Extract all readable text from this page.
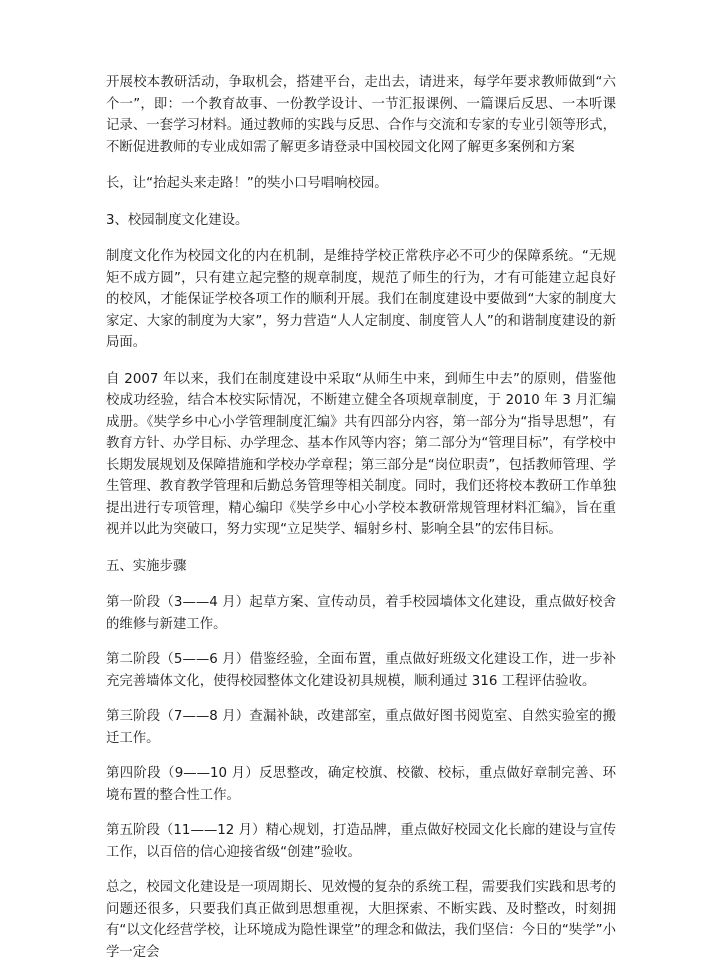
开展校本教研活动，争取机会，搭建平台，走出去，请进来，每学年要求教师做到“六个一”，即：一个教育故事、一份教学设计、一节汇报课例、一篇课后反思、一本听课记录、一套学习材料。通过教师的实践与反思、合作与交流和专家的专业引领等形式，不断促进教师的专业成如需了解更多请登录中国校园文化网了解更多案例和方案

长，让“抬起头来走路！”的奘小口号唱响校园。

3、校园制度文化建设。

制度文化作为校园文化的内在机制，是维持学校正常秩序必不可少的保障系统。“无规矩不成方圆”，只有建立起完整的规章制度，规范了师生的行为，才有可能建立起良好的校风，才能保证学校各项工作的顺利开展。我们在制度建设中要做到“大家的制度大家定、大家的制度为大家”，努力营造“人人定制度、制度管人人”的和谐制度建设的新局面。

自 2007 年以来，我们在制度建设中采取“从师生中来，到师生中去”的原则，借鉴他校成功经验，结合本校实际情况，不断建立健全各项规章制度，于 2010 年 3 月汇编成册。《奘学乡中心小学管理制度汇编》共有四部分内容，第一部分为“指导思想”，有教育方针、办学目标、办学理念、基本作风等内容；第二部分为“管理目标”，有学校中长期发展规划及保障措施和学校办学章程；第三部分是“岗位职责”，包括教师管理、学生管理、教育教学管理和后勤总务管理等相关制度。同时，我们还将校本教研工作单独提出进行专项管理，精心编印《奘学乡中心小学校本教研常规管理材料汇编》，旨在重视并以此为突破口，努力实现“立足奘学、辐射乡村、影响全县”的宏伟目标。

五、实施步骤

第一阶段（3——4 月）起草方案、宣传动员，着手校园墙体文化建设，重点做好校舍的维修与新建工作。

第二阶段（5——6 月）借鉴经验，全面布置，重点做好班级文化建设工作，进一步补充完善墙体文化，使得校园整体文化建设初具规模，顺利通过 316 工程评估验收。

第三阶段（7——8 月）查漏补缺，改建部室，重点做好图书阅览室、自然实验室的搬迁工作。

第四阶段（9——10 月）反思整改，确定校旗、校徽、校标，重点做好章制完善、环境布置的整合性工作。

第五阶段（11——12 月）精心规划，打造品牌，重点做好校园文化长廊的建设与宣传工作，以百倍的信心迎接省级“创建”验收。

总之，校园文化建设是一项周期长、见效慢的复杂的系统工程，需要我们实践和思考的问题还很多，只要我们真正做到思想重视，大胆探索、不断实践、及时整改，时刻拥有“以文化经营学校，让环境成为隐性课堂”的理念和做法，我们坚信：今日的“奘学”小学一定会
